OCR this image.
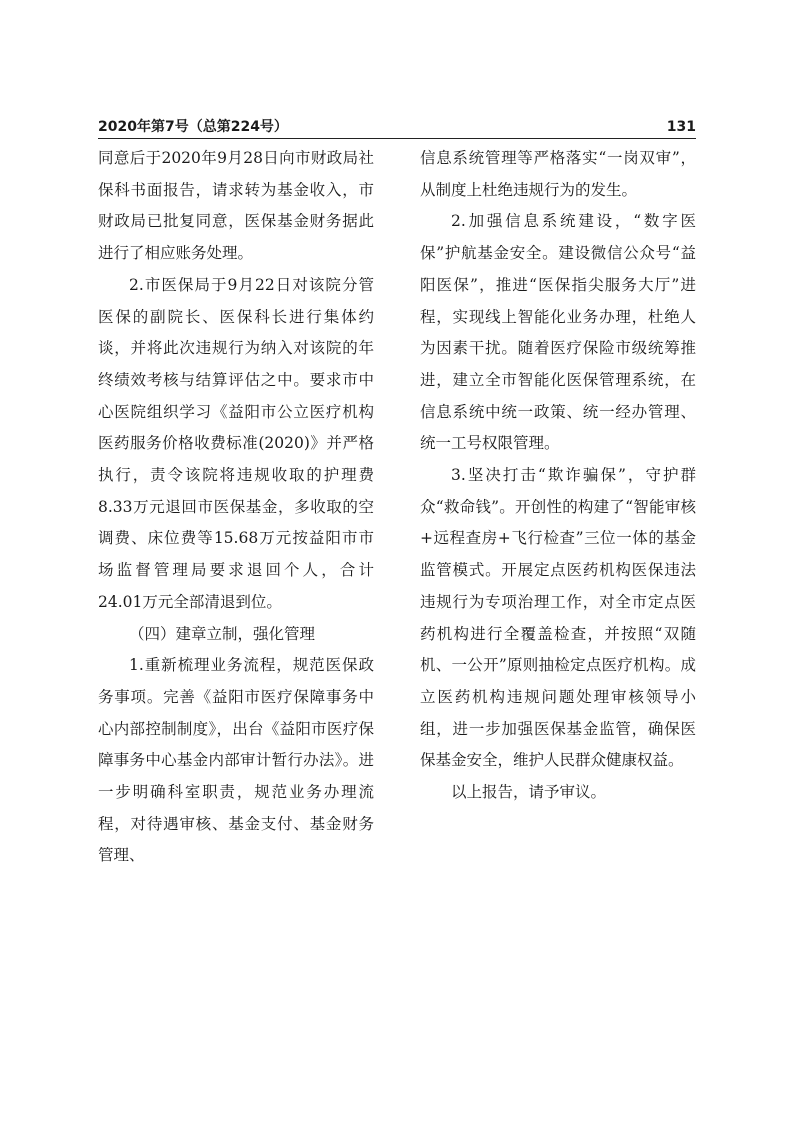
2020年第7号（总第224号）	131

同意后于2020年9月28日向市财政局社保科书面报告，请求转为基金收入，市财政局已批复同意，医保基金财务据此进行了相应账务处理。

2.市医保局于9月22日对该院分管医保的副院长、医保科长进行集体约谈，并将此次违规行为纳入对该院的年终绩效考核与结算评估之中。要求市中心医院组织学习《益阳市公立医疗机构医药服务价格收费标准(2020)》并严格执行，责令该院将违规收取的护理费8.33万元退回市医保基金，多收取的空调费、床位费等15.68万元按益阳市市场监督管理局要求退回个人，合计24.01万元全部清退到位。

（四）建章立制，强化管理

1.重新梳理业务流程，规范医保政务事项。完善《益阳市医疗保障事务中心内部控制制度》，出台《益阳市医疗保障事务中心基金内部审计暂行办法》。进一步明确科室职责，规范业务办理流程，对待遇审核、基金支付、基金财务管理、

信息系统管理等严格落实“一岗双审”，从制度上杜绝违规行为的发生。

2.加强信息系统建设，“数字医保”护航基金安全。建设微信公众号“益阳医保”，推进“医保指尖服务大厅”进程，实现线上智能化业务办理，杜绝人为因素干扰。随着医疗保险市级统筹推进，建立全市智能化医保管理系统，在信息系统中统一政策、统一经办管理、统一工号权限管理。

3.坚决打击“欺诈骗保”，守护群众“救命钱”。开创性的构建了“智能审核+远程查房+飞行检查”三位一体的基金监管模式。开展定点医药机构医保违法违规行为专项治理工作，对全市定点医药机构进行全覆盖检查，并按照“双随机、一公开”原则抽检定点医疗机构。成立医药机构违规问题处理审核领导小组，进一步加强医保基金监管，确保医保基金安全，维护人民群众健康权益。

以上报告，请予审议。
